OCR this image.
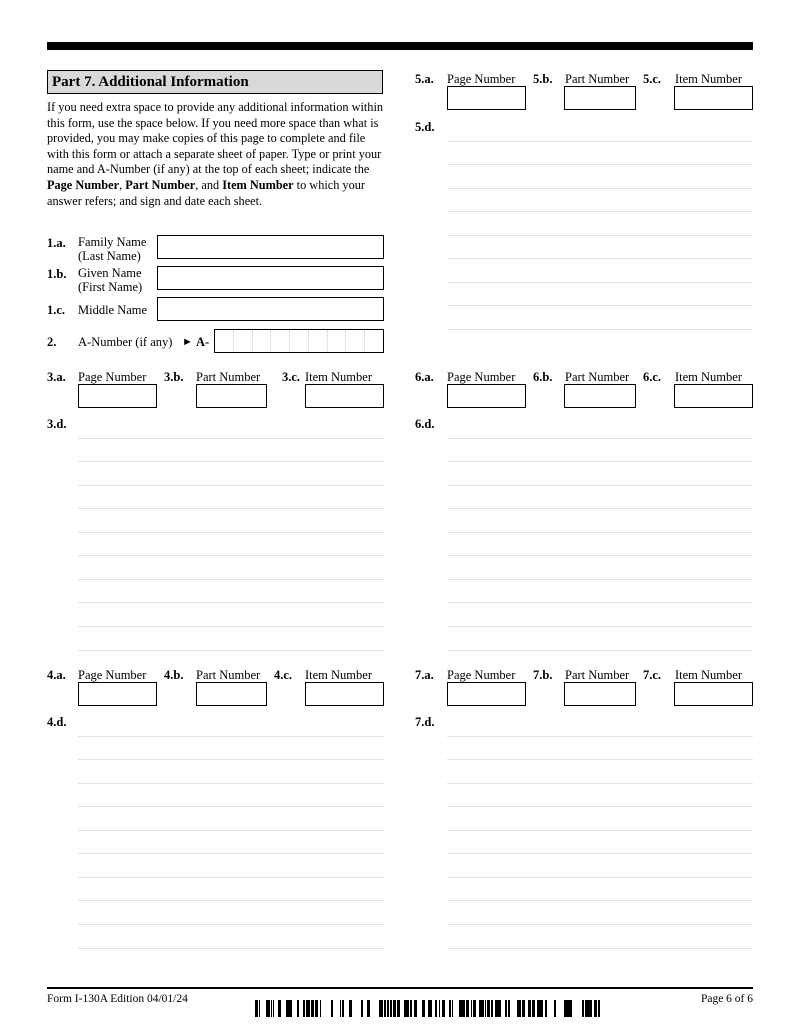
Part 7. Additional Information
If you need extra space to provide any additional information within this form, use the space below. If you need more space than what is provided, you may make copies of this page to complete and file with this form or attach a separate sheet of paper. Type or print your name and A-Number (if any) at the top of each sheet; indicate the Page Number, Part Number, and Item Number to which your answer refers; and sign and date each sheet.
1.a. Family Name
(Last Name)
1.b. Given Name
(First Name)
1.c. Middle Name
2. A-Number (if any) ► A-
3.a. Page Number 3.b. Part Number 3.c. Item Number
3.d.
4.a. Page Number 4.b. Part Number 4.c. Item Number
4.d.
5.a. Page Number 5.b. Part Number 5.c. Item Number
5.d.
6.a. Page Number 6.b. Part Number 6.c. Item Number
6.d.
7.a. Page Number 7.b. Part Number 7.c. Item Number
7.d.
Form I-130A Edition 04/01/24	Page 6 of 6
